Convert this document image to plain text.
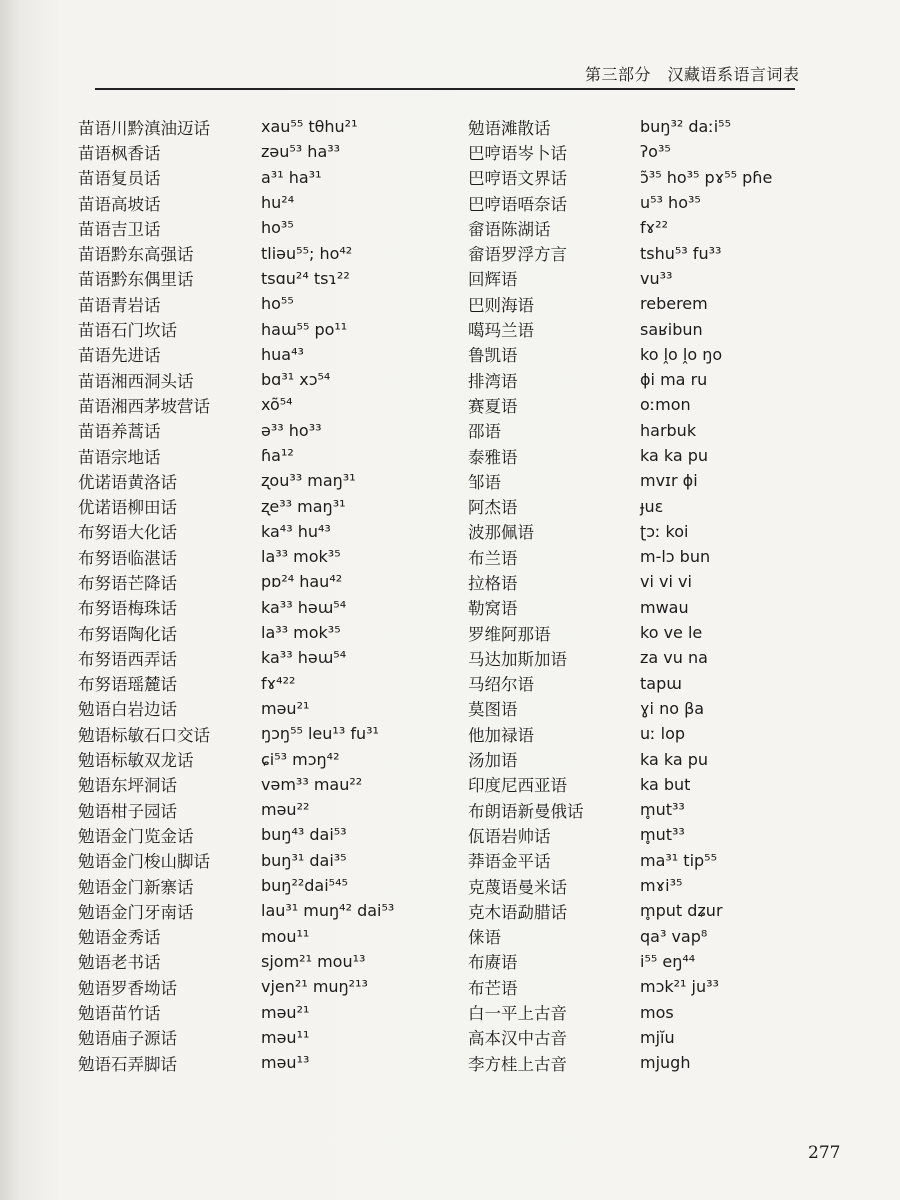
第三部分　汉藏语系语言词表
苗语川黔滇油迈话	xau⁵⁵ tθhu²¹
苗语枫香话	zəu⁵³ ha³³
苗语复员话	a³¹ ha³¹
苗语高坡话	hu²⁴
苗语吉卫话	ho³⁵
苗语黔东高强话	tliəu⁵⁵; ho⁴²
苗语黔东偶里话	tsɑu²⁴ tsɿ²²
苗语青岩话	ho⁵⁵
苗语石门坎话	haɯ⁵⁵ po¹¹
苗语先进话	hua⁴³
苗语湘西洞头话	bɑ³¹ xɔ⁵⁴
苗语湘西茅坡营话	xõ⁵⁴
苗语养蒿话	ə³³ ho³³
苗语宗地话	ɦa¹²
优诺语黄洛话	ʐou³³ maŋ³¹
优诺语柳田话	ʐe³³ maŋ³¹
布努语大化话	ka⁴³ hu⁴³
布努语临湛话	la³³ mok³⁵
布努语芒降话	pɒ²⁴ hau⁴²
布努语梅珠话	ka³³ həɯ⁵⁴
布努语陶化话	la³³ mok³⁵
布努语西弄话	ka³³ həɯ⁵⁴
布努语瑶麓话	fɤ⁴²²
勉语白岩边话	məu²¹
勉语标敏石口交话	ŋɔŋ⁵⁵ leu¹³ fu³¹
勉语标敏双龙话	ɕi⁵³ mɔŋ⁴²
勉语东坪洞话	vəm³³ mau²²
勉语柑子园话	məu²²
勉语金门览金话	buŋ⁴³ dai⁵³
勉语金门梭山脚话	buŋ³¹ dai³⁵
勉语金门新寨话	buŋ²²dai⁵⁴⁵
勉语金门牙南话	lau³¹ muŋ⁴² dai⁵³
勉语金秀话	mou¹¹
勉语老书话	sjom²¹ mou¹³
勉语罗香坳话	vjen²¹ muŋ²¹³
勉语苗竹话	məu²¹
勉语庙子源话	məu¹¹
勉语石弄脚话	məu¹³
勉语滩散话	buŋ³² daːi⁵⁵
巴哼语岑卜话	ʔo³⁵
巴哼语文界话	ɔ̃³⁵ ho³⁵ pɤ⁵⁵ pɦe
巴哼语唔奈话	u⁵³ ho³⁵
畲语陈湖话	fɤ²²
畲语罗浮方言	tshu⁵³ fu³³
回辉语	vu³³
巴则海语	reberem
噶玛兰语	saʁibun
鲁凯语	ko ḽo ḽo ŋo
排湾语	ɸi ma ru
赛夏语	oːmon
邵语	harbuk
泰雅语	ka ka pu
邹语	mvɪr ɸi
阿杰语	ɟuɛ
波那佩语	ʈɔː koi
布兰语	m-lɔ bun
拉格语	vi vi vi
勒窝语	mwau
罗维阿那语	ko ve le
马达加斯加语	za vu na
马绍尔语	tapɯ
莫图语	ɣi no βa
他加禄语	uː lop
汤加语	ka ka pu
印度尼西亚语	ka but
布朗语新曼俄话	m̥ut³³
佤语岩帅话	m̥ut³³
莽语金平话	ma³¹ tip⁵⁵
克蔑语曼米话	mɤi³⁵
克木语勐腊话	m̥put dʑur
俫语	qa³ vap⁸
布赓语	i⁵⁵ eŋ⁴⁴
布芒语	mɔk²¹ ju³³
白一平上古音	mos
高本汉中古音	mjĭu
李方桂上古音	mjugh
277
